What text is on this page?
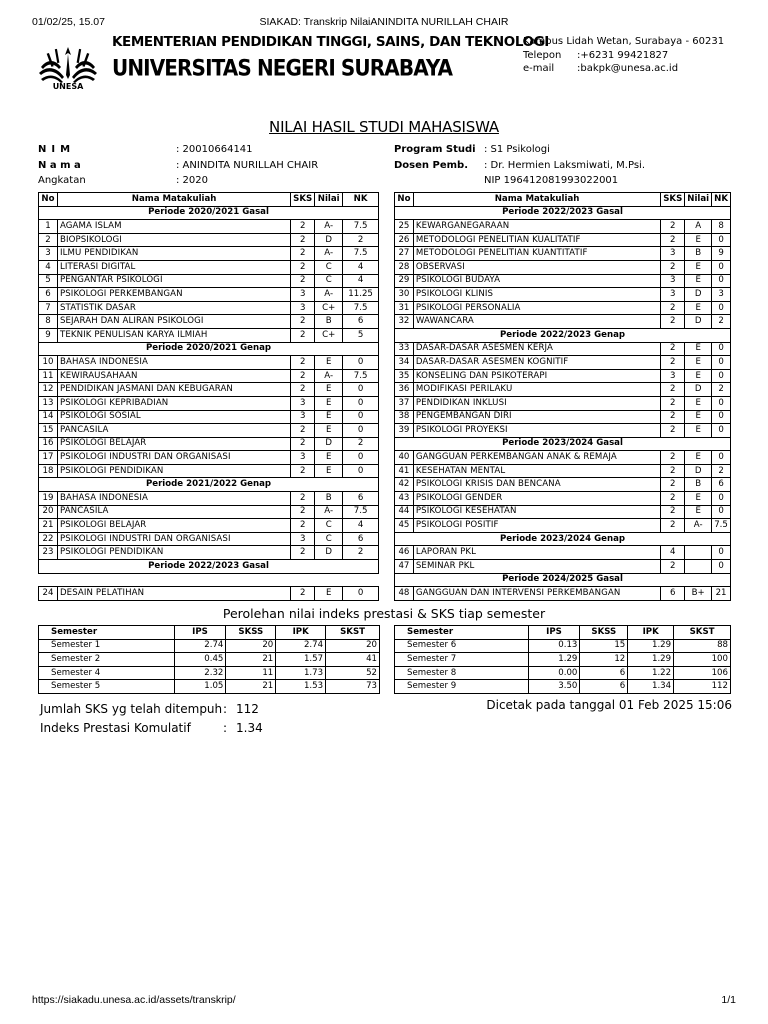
01/02/25, 15.07	SIAKAD: Transkrip NilaiANINDITA NURILLAH CHAIR
UNESA
KEMENTERIAN PENDIDIKAN TINGGI, SAINS, DAN TEKNOLOGI
UNIVERSITAS NEGERI SURABAYA
Kampus Lidah Wetan, Surabaya - 60231
Telepon :+6231 99421827
e-mail :bakpk@unesa.ac.id
NILAI HASIL STUDI MAHASISWA
NIM	: 20010664141
Nama	: ANINDITA NURILLAH CHAIR
Angkatan	: 2020
Program Studi : S1 Psikologi
Dosen Pemb. : Dr. Hermien Laksmiwati, M.Psi.
NIP 196412081993022001
No	Nama Matakuliah	SKS	Nilai	NK
Periode 2020/2021 Gasal				
1	AGAMA ISLAM	2	A-	7.5
2	BIOPSIKOLOGI	2	D	2
3	ILMU PENDIDIKAN	2	A-	7.5
4	LITERASI DIGITAL	2	C	4
5	PENGANTAR PSIKOLOGI	2	C	4
6	PSIKOLOGI PERKEMBANGAN	3	A-	11.25
7	STATISTIK DASAR	3	C+	7.5
8	SEJARAH DAN ALIRAN PSIKOLOGI	2	B	6
9	TEKNIK PENULISAN KARYA ILMIAH	2	C+	5
Periode 2020/2021 Genap				
10	BAHASA INDONESIA	2	E	0
11	KEWIRAUSAHAAN	2	A-	7.5
12	PENDIDIKAN JASMANI DAN KEBUGARAN	2	E	0
13	PSIKOLOGI KEPRIBADIAN	3	E	0
14	PSIKOLOGI SOSIAL	3	E	0
15	PANCASILA	2	E	0
16	PSIKOLOGI BELAJAR	2	D	2
17	PSIKOLOGI INDUSTRI DAN ORGANISASI	3	E	0
18	PSIKOLOGI PENDIDIKAN	2	E	0
Periode 2021/2022 Genap				
19	BAHASA INDONESIA	2	B	6
20	PANCASILA	2	A-	7.5
21	PSIKOLOGI BELAJAR	2	C	4
22	PSIKOLOGI INDUSTRI DAN ORGANISASI	3	C	6
23	PSIKOLOGI PENDIDIKAN	2	D	2
Periode 2022/2023 Gasal				

24	DESAIN PELATIHAN	2	E	0
No	Nama Matakuliah	SKS	Nilai	NK
Periode 2022/2023 Gasal				
25	KEWARGANEGARAAN	2	A	8
26	METODOLOGI PENELITIAN KUALITATIF	2	E	0
27	METODOLOGI PENELITIAN KUANTITATIF	3	B	9
28	OBSERVASI	2	E	0
29	PSIKOLOGI BUDAYA	3	E	0
30	PSIKOLOGI KLINIS	3	D	3
31	PSIKOLOGI PERSONALIA	2	E	0
32	WAWANCARA	2	D	2
Periode 2022/2023 Genap				
33	DASAR-DASAR ASESMEN KERJA	2	E	0
34	DASAR-DASAR ASESMEN KOGNITIF	2	E	0
35	KONSELING DAN PSIKOTERAPI	3	E	0
36	MODIFIKASI PERILAKU	2	D	2
37	PENDIDIKAN INKLUSI	2	E	0
38	PENGEMBANGAN DIRI	2	E	0
39	PSIKOLOGI PROYEKSI	2	E	0
Periode 2023/2024 Gasal				
40	GANGGUAN PERKEMBANGAN ANAK & REMAJA	2	E	0
41	KESEHATAN MENTAL	2	D	2
42	PSIKOLOGI KRISIS DAN BENCANA	2	B	6
43	PSIKOLOGI GENDER	2	E	0
44	PSIKOLOGI KESEHATAN	2	E	0
45	PSIKOLOGI POSITIF	2	A-	7.5
Periode 2023/2024 Genap				
46	LAPORAN PKL	4		0
47	SEMINAR PKL	2		0
Periode 2024/2025 Gasal				
48	GANGGUAN DAN INTERVENSI PERKEMBANGAN	6	B+	21
Perolehan nilai indeks prestasi & SKS tiap semester
Semester	IPS	SKSS	IPK	SKST
Semester 1	2.74	20	2.74	20
Semester 2	0.45	21	1.57	41
Semester 4	2.32	11	1.73	52
Semester 5	1.05	21	1.53	73
Semester	IPS	SKSS	IPK	SKST
Semester 6	0.13	15	1.29	88
Semester 7	1.29	12	1.29	100
Semester 8	0.00	6	1.22	106
Semester 9	3.50	6	1.34	112
Jumlah SKS yg telah ditempuh : 112
Indeks Prestasi Komulatif	: 1.34
Dicetak pada tanggal 01 Feb 2025 15:06
https://siakadu.unesa.ac.id/assets/transkrip/	1/1
